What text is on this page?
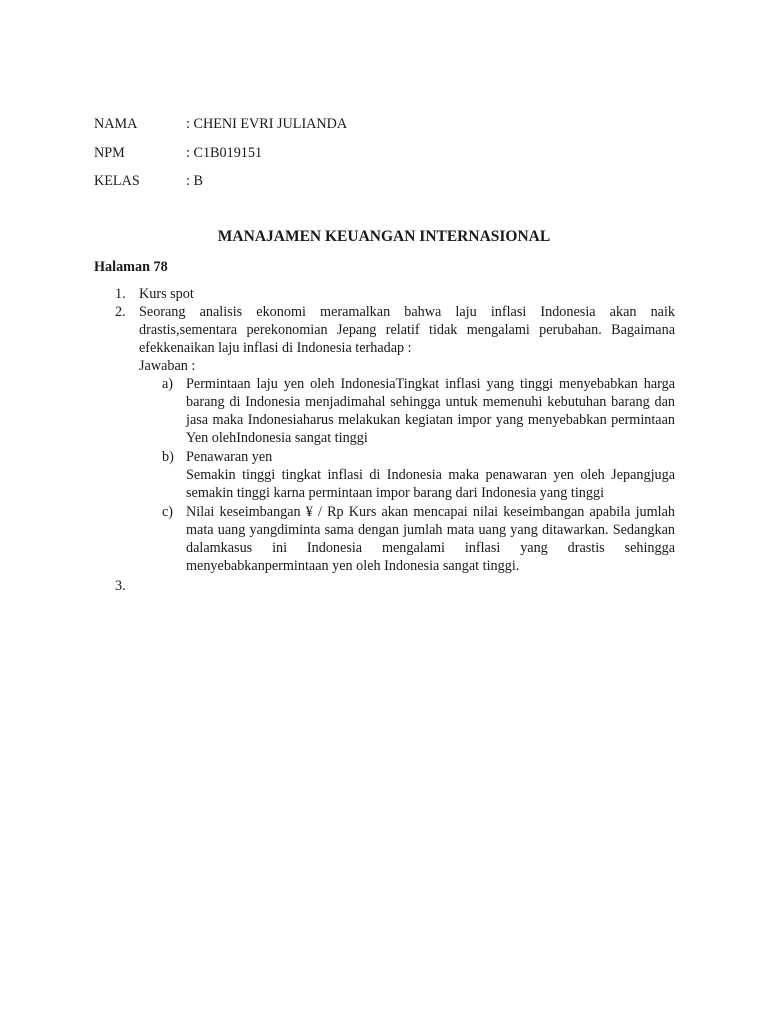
NAMA	: CHENI EVRI JULIANDA
NPM	: C1B019151
KELAS	: B
MANAJAMEN KEUANGAN INTERNASIONAL
Halaman 78
1. Kurs spot
2. Seorang analisis ekonomi meramalkan bahwa laju inflasi Indonesia akan naik drastis,sementara perekonomian Jepang relatif tidak mengalami perubahan. Bagaimana efekkenaikan laju inflasi di Indonesia terhadap :
Jawaban :
a) Permintaan laju yen oleh IndonesiaTingkat inflasi yang tinggi menyebabkan harga barang di Indonesia menjadimahal sehingga untuk memenuhi kebutuhan barang dan jasa maka Indonesiaharus melakukan kegiatan impor yang menyebabkan permintaan Yen olehIndonesia sangat tinggi
b) Penawaran yen
Semakin tinggi tingkat inflasi di Indonesia maka penawaran yen oleh Jepangjuga semakin tinggi karna permintaan impor barang dari Indonesia yang tinggi
c) Nilai keseimbangan ¥ / Rp Kurs akan mencapai nilai keseimbangan apabila jumlah mata uang yangdiminta sama dengan jumlah mata uang yang ditawarkan. Sedangkan dalamkasus ini Indonesia mengalami inflasi yang drastis sehingga menyebabkanpermintaan yen oleh Indonesia sangat tinggi.
3.
